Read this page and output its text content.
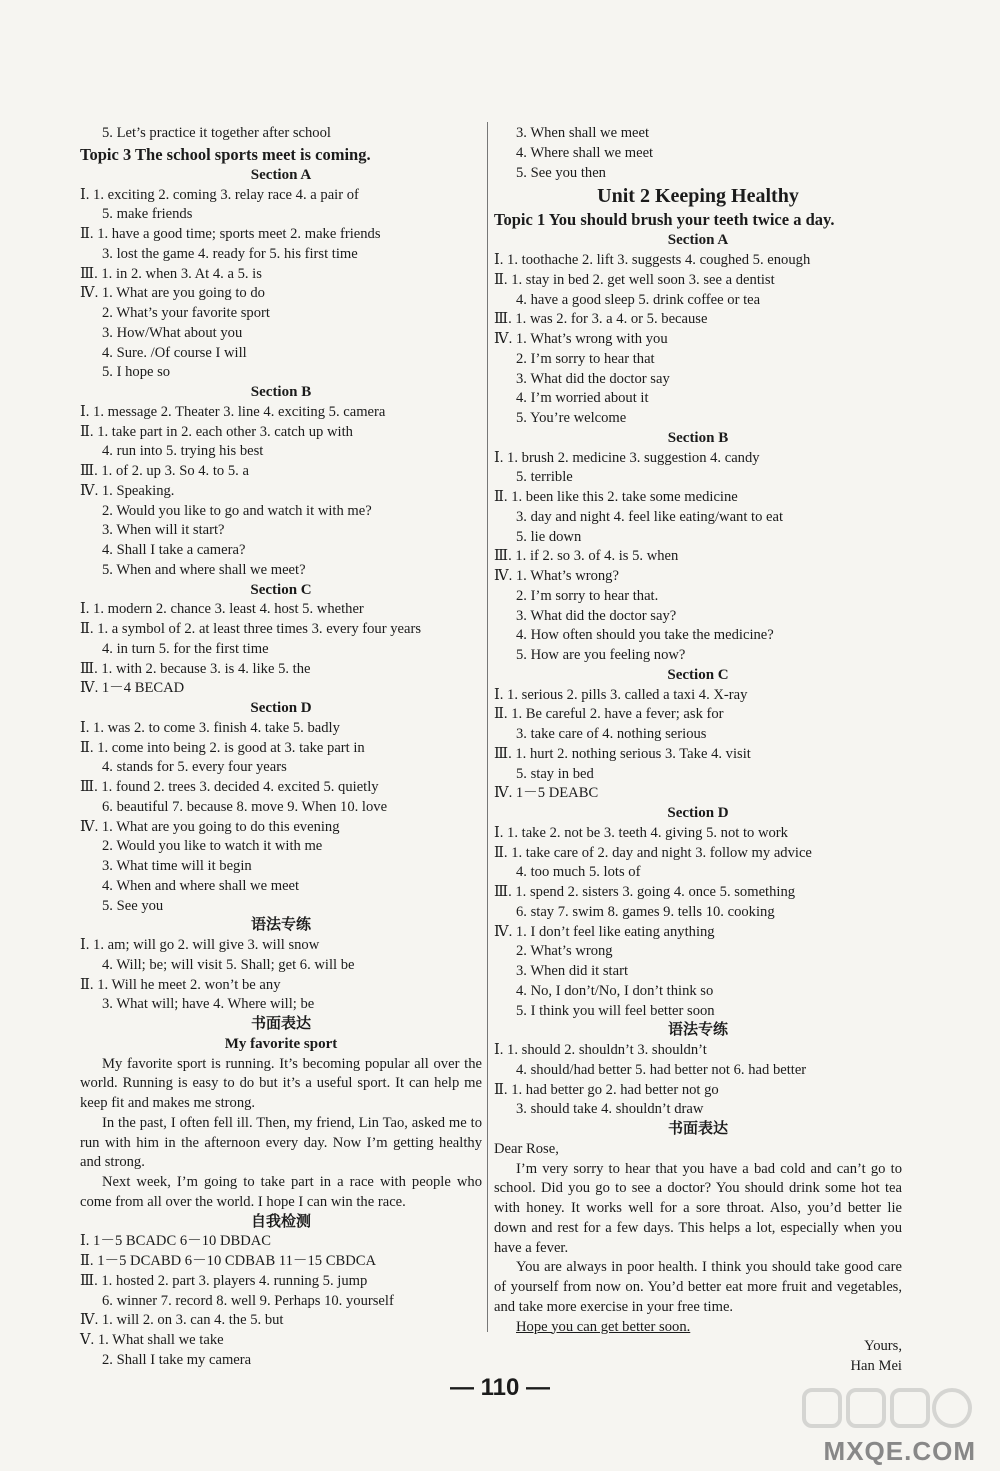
5. Let’s practice it together after school
Topic 3 The school sports meet is coming.
Section A
Ⅰ. 1. exciting 2. coming 3. relay race 4. a pair of
5. make friends
Ⅱ. 1. have a good time; sports meet 2. make friends
3. lost the game 4. ready for 5. his first time
Ⅲ. 1. in 2. when 3. At 4. a 5. is
Ⅳ. 1. What are you going to do
2. What’s your favorite sport
3. How/What about you
4. Sure. /Of course I will
5. I hope so
Section B
Ⅰ. 1. message 2. Theater 3. line 4. exciting 5. camera
Ⅱ. 1. take part in 2. each other 3. catch up with
4. run into 5. trying his best
Ⅲ. 1. of 2. up 3. So 4. to 5. a
Ⅳ. 1. Speaking.
2. Would you like to go and watch it with me?
3. When will it start?
4. Shall I take a camera?
5. When and where shall we meet?
Section C
Ⅰ. 1. modern 2. chance 3. least 4. host 5. whether
Ⅱ. 1. a symbol of 2. at least three times 3. every four years
4. in turn 5. for the first time
Ⅲ. 1. with 2. because 3. is 4. like 5. the
Ⅳ. 1－4 BECAD
Section D
Ⅰ. 1. was 2. to come 3. finish 4. take 5. badly
Ⅱ. 1. come into being 2. is good at 3. take part in
4. stands for 5. every four years
Ⅲ. 1. found 2. trees 3. decided 4. excited 5. quietly
6. beautiful 7. because 8. move 9. When 10. love
Ⅳ. 1. What are you going to do this evening
2. Would you like to watch it with me
3. What time will it begin
4. When and where shall we meet
5. See you
语法专练
Ⅰ. 1. am; will go 2. will give 3. will snow
4. Will; be; will visit 5. Shall; get 6. will be
Ⅱ. 1. Will he meet 2. won’t be any
3. What will; have 4. Where will; be
书面表达
My favorite sport
My favorite sport is running. It’s becoming popular all over the world. Running is easy to do but it’s a useful sport. It can help me keep fit and makes me strong.
In the past, I often fell ill. Then, my friend, Lin Tao, asked me to run with him in the afternoon every day. Now I’m getting healthy and strong.
Next week, I’m going to take part in a race with people who come from all over the world. I hope I can win the race.
自我检测
Ⅰ. 1－5 BCADC 6－10 DBDAC
Ⅱ. 1－5 DCABD 6－10 CDBAB 11－15 CBDCA
Ⅲ. 1. hosted 2. part 3. players 4. running 5. jump
6. winner 7. record 8. well 9. Perhaps 10. yourself
Ⅳ. 1. will 2. on 3. can 4. the 5. but
Ⅴ. 1. What shall we take
2. Shall I take my camera
3. When shall we meet
4. Where shall we meet
5. See you then
Unit 2 Keeping Healthy
Topic 1 You should brush your teeth twice a day.
Section A
Ⅰ. 1. toothache 2. lift 3. suggests 4. coughed 5. enough
Ⅱ. 1. stay in bed 2. get well soon 3. see a dentist
4. have a good sleep 5. drink coffee or tea
Ⅲ. 1. was 2. for 3. a 4. or 5. because
Ⅳ. 1. What’s wrong with you
2. I’m sorry to hear that
3. What did the doctor say
4. I’m worried about it
5. You’re welcome
Section B
Ⅰ. 1. brush 2. medicine 3. suggestion 4. candy
5. terrible
Ⅱ. 1. been like this 2. take some medicine
3. day and night 4. feel like eating/want to eat
5. lie down
Ⅲ. 1. if 2. so 3. of 4. is 5. when
Ⅳ. 1. What’s wrong?
2. I’m sorry to hear that.
3. What did the doctor say?
4. How often should you take the medicine?
5. How are you feeling now?
Section C
Ⅰ. 1. serious 2. pills 3. called a taxi 4. X-ray
Ⅱ. 1. Be careful 2. have a fever; ask for
3. take care of 4. nothing serious
Ⅲ. 1. hurt 2. nothing serious 3. Take 4. visit
5. stay in bed
Ⅳ. 1－5 DEABC
Section D
Ⅰ. 1. take 2. not be 3. teeth 4. giving 5. not to work
Ⅱ. 1. take care of 2. day and night 3. follow my advice
4. too much 5. lots of
Ⅲ. 1. spend 2. sisters 3. going 4. once 5. something
6. stay 7. swim 8. games 9. tells 10. cooking
Ⅳ. 1. I don’t feel like eating anything
2. What’s wrong
3. When did it start
4. No, I don’t/No, I don’t think so
5. I think you will feel better soon
语法专练
Ⅰ. 1. should 2. shouldn’t 3. shouldn’t
4. should/had better 5. had better not 6. had better
Ⅱ. 1. had better go 2. had better not go
3. should take 4. shouldn’t draw
书面表达
Dear Rose,
I’m very sorry to hear that you have a bad cold and can’t go to school. Did you go to see a doctor? You should drink some hot tea with honey. It works well for a sore throat. Also, you’d better lie down and rest for a few days. This helps a lot, especially when you have a fever.
You are always in poor health. I think you should take good care of yourself from now on. You’d better eat more fruit and vegetables, and take more exercise in your free time.
Hope you can get better soon.
Yours,
Han Mei
— 110 —
MXQE.COM
